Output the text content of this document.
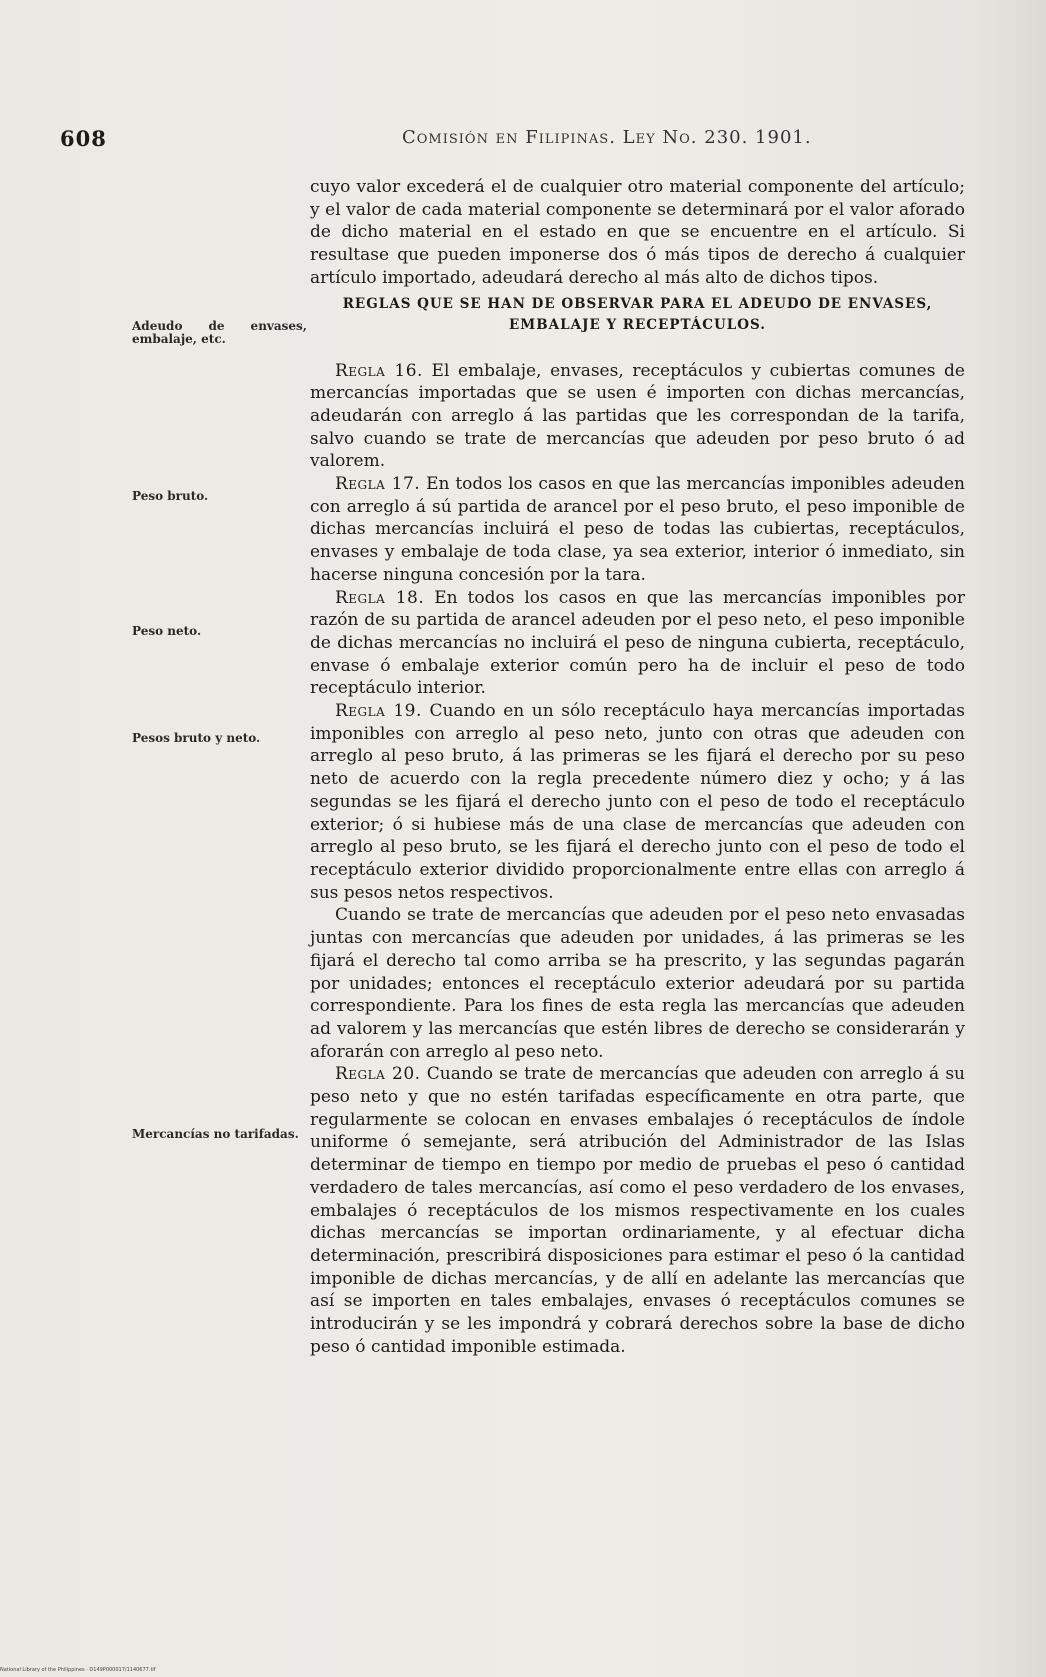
608	Comisión en Filipinas. Ley No. 230. 1901.
Adeudo de envases, embalaje, etc.
Peso bruto.
Peso neto.
Pesos bruto y neto.
Mercancías no tarifadas.

cuyo valor excederá el de cualquier otro material componente del artículo; y el valor de cada material componente se determinará por el valor aforado de dicho material en el estado en que se encuentre en el artículo. Si resultase que pueden imponerse dos ó más tipos de derecho á cualquier artículo importado, adeudará derecho al más alto de dichos tipos.

REGLAS QUE SE HAN DE OBSERVAR PARA EL ADEUDO DE ENVASES, EMBALAJE Y RECEPTÁCULOS.

Regla 16. El embalaje, envases, receptáculos y cubiertas comunes de mercancías importadas que se usen é importen con dichas mercancías, adeudarán con arreglo á las partidas que les correspondan de la tarifa, salvo cuando se trate de mercancías que adeuden por peso bruto ó ad valorem.

Regla 17. En todos los casos en que las mercancías imponibles adeuden con arreglo á sú partida de arancel por el peso bruto, el peso imponible de dichas mercancías incluirá el peso de todas las cubiertas, receptáculos, envases y embalaje de toda clase, ya sea exterior, interior ó inmediato, sin hacerse ninguna concesión por la tara.

Regla 18. En todos los casos en que las mercancías imponibles por razón de su partida de arancel adeuden por el peso neto, el peso imponible de dichas mercancías no incluirá el peso de ninguna cubierta, receptáculo, envase ó embalaje exterior común pero ha de incluir el peso de todo receptáculo interior.

Regla 19. Cuando en un sólo receptáculo haya mercancías importadas imponibles con arreglo al peso neto, junto con otras que adeuden con arreglo al peso bruto, á las primeras se les fijará el derecho por su peso neto de acuerdo con la regla precedente número diez y ocho; y á las segundas se les fijará el derecho junto con el peso de todo el receptáculo exterior; ó si hubiese más de una clase de mercancías que adeuden con arreglo al peso bruto, se les fijará el derecho junto con el peso de todo el receptáculo exterior dividido proporcionalmente entre ellas con arreglo á sus pesos netos respectivos.

Cuando se trate de mercancías que adeuden por el peso neto envasadas juntas con mercancías que adeuden por unidades, á las primeras se les fijará el derecho tal como arriba se ha prescrito, y las segundas pagarán por unidades; entonces el receptáculo exterior adeudará por su partida correspondiente. Para los fines de esta regla las mercancías que adeuden ad valorem y las mercancías que estén libres de derecho se considerarán y aforarán con arreglo al peso neto.

Regla 20. Cuando se trate de mercancías que adeuden con arreglo á su peso neto y que no estén tarifadas específicamente en otra parte, que regularmente se colocan en envases embalajes ó receptáculos de índole uniforme ó semejante, será atribución del Administrador de las Islas determinar de tiempo en tiempo por medio de pruebas el peso ó cantidad verdadero de tales mercancías, así como el peso verdadero de los envases, embalajes ó receptáculos de los mismos respectivamente en los cuales dichas mercancías se importan ordinariamente, y al efectuar dicha determinación, prescribirá disposiciones para estimar el peso ó la cantidad imponible de dichas mercancías, y de allí en adelante las mercancías que así se importen en tales embalajes, envases ó receptáculos comunes se introducirán y se les impondrá y cobrará derechos sobre la base de dicho peso ó cantidad imponible estimada.

National Library of the Philippines · D149P000017/1140677.tif
